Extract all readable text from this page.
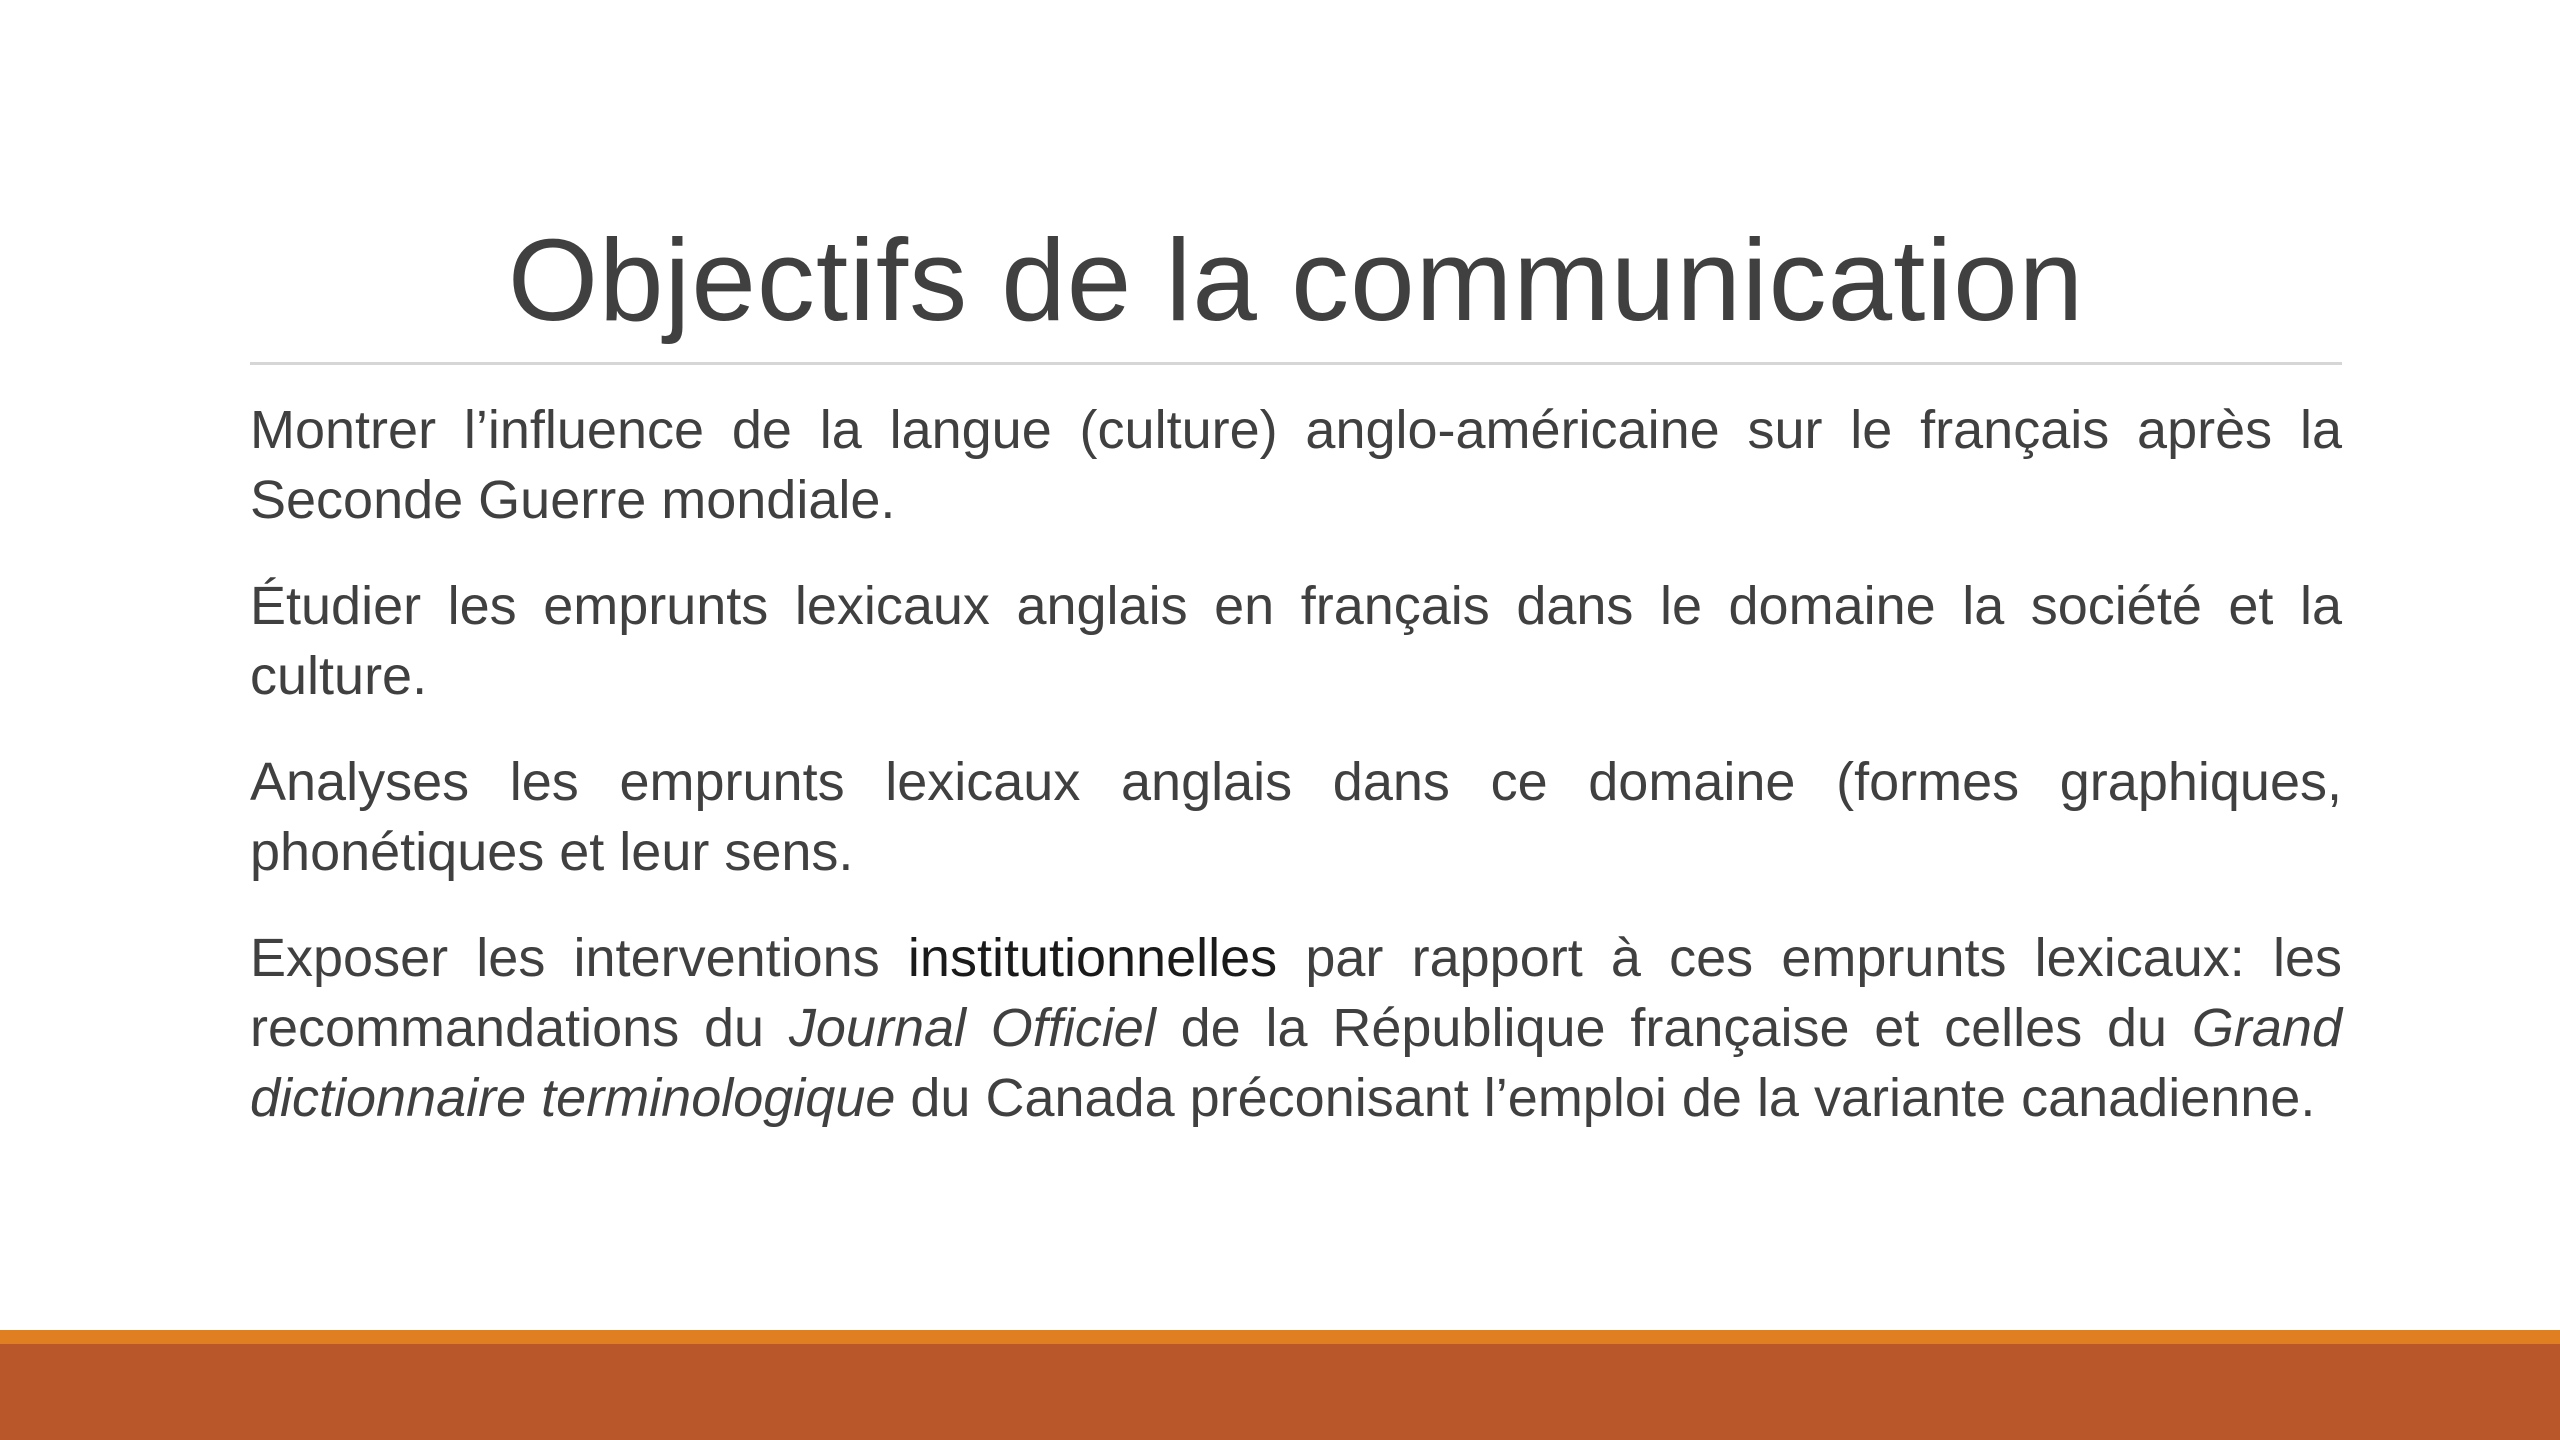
Objectifs de la communication

Montrer l’influence de la langue (culture) anglo-américaine sur le français après la Seconde Guerre mondiale.

Étudier les emprunts lexicaux anglais en français dans le domaine la société et la culture.

Analyses les emprunts lexicaux anglais dans ce domaine (formes graphiques, phonétiques et leur sens.

Exposer les interventions institutionnelles par rapport à ces emprunts lexicaux: les recommandations du Journal Officiel de la République française et celles du Grand dictionnaire terminologique du Canada préconisant l’emploi de la variante canadienne.
